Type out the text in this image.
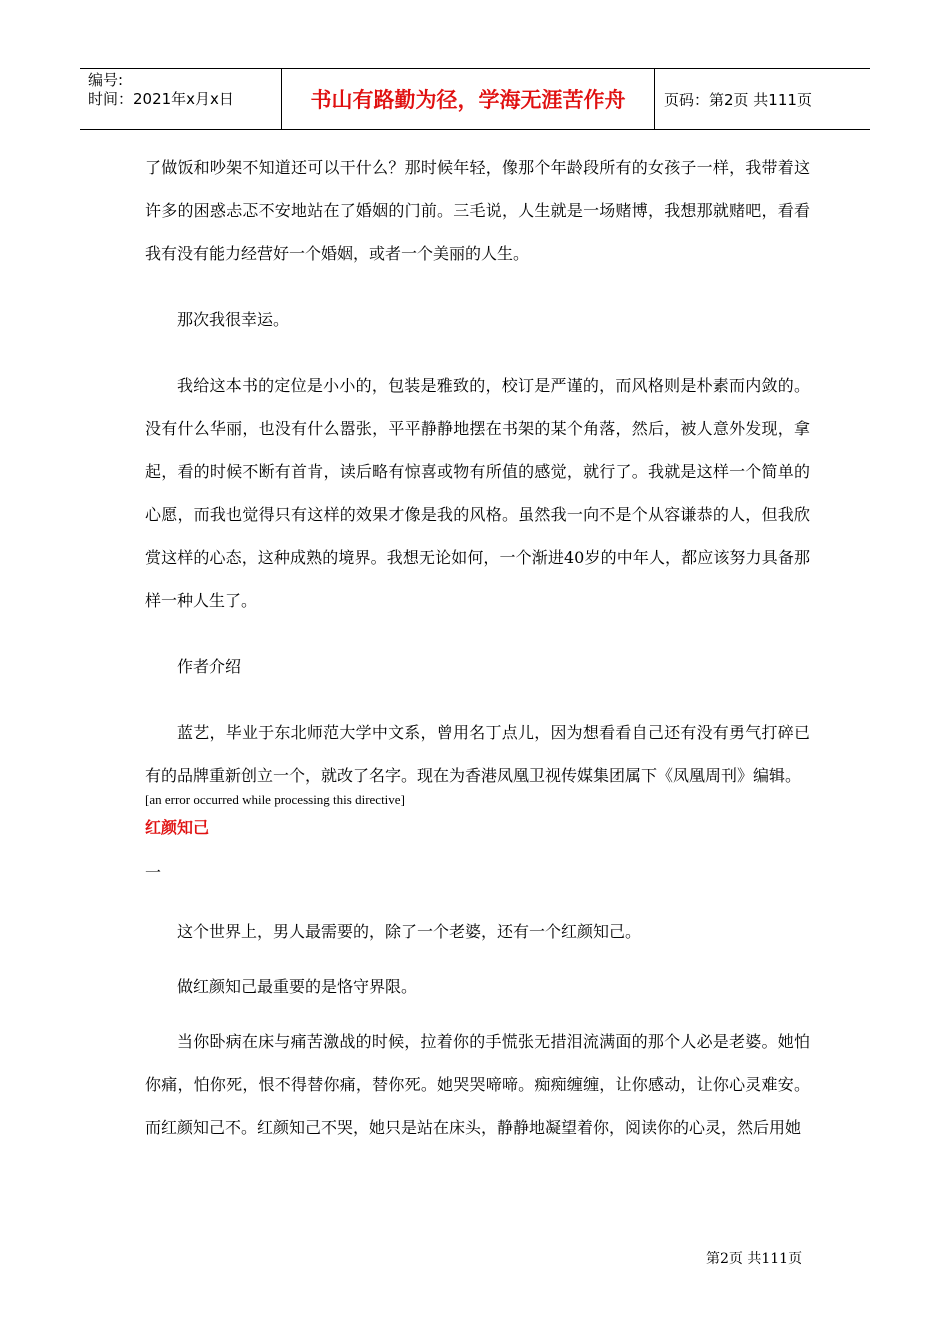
编号:
时间：2021年x月x日	书山有路勤为径，学海无涯苦作舟	页码：第2页 共111页

了做饭和吵架不知道还可以干什么？那时候年轻，像那个年龄段所有的女孩子一样，我带着这许多的困惑忐忑不安地站在了婚姻的门前。三毛说，人生就是一场赌博，我想那就赌吧，看看我有没有能力经营好一个婚姻，或者一个美丽的人生。

那次我很幸运。

我给这本书的定位是小小的，包装是雅致的，校订是严谨的，而风格则是朴素而内敛的。没有什么华丽，也没有什么嚣张，平平静静地摆在书架的某个角落，然后，被人意外发现，拿起，看的时候不断有首肯，读后略有惊喜或物有所值的感觉，就行了。我就是这样一个简单的心愿，而我也觉得只有这样的效果才像是我的风格。虽然我一向不是个从容谦恭的人，但我欣赏这样的心态，这种成熟的境界。我想无论如何，一个渐进40岁的中年人，都应该努力具备那样一种人生了。

作者介绍

蓝艺，毕业于东北师范大学中文系，曾用名丁点儿，因为想看看自己还有没有勇气打碎已有的品牌重新创立一个，就改了名字。现在为香港凤凰卫视传媒集团属下《凤凰周刊》编辑。

[an error occurred while processing this directive]
红颜知己
一

这个世界上，男人最需要的，除了一个老婆，还有一个红颜知己。

做红颜知己最重要的是恪守界限。

当你卧病在床与痛苦激战的时候，拉着你的手慌张无措泪流满面的那个人必是老婆。她怕你痛，怕你死，恨不得替你痛，替你死。她哭哭啼啼。痴痴缠缠，让你感动，让你心灵难安。而红颜知己不。红颜知己不哭，她只是站在床头，静静地凝望着你，阅读你的心灵，然后用她

第2页 共111页
